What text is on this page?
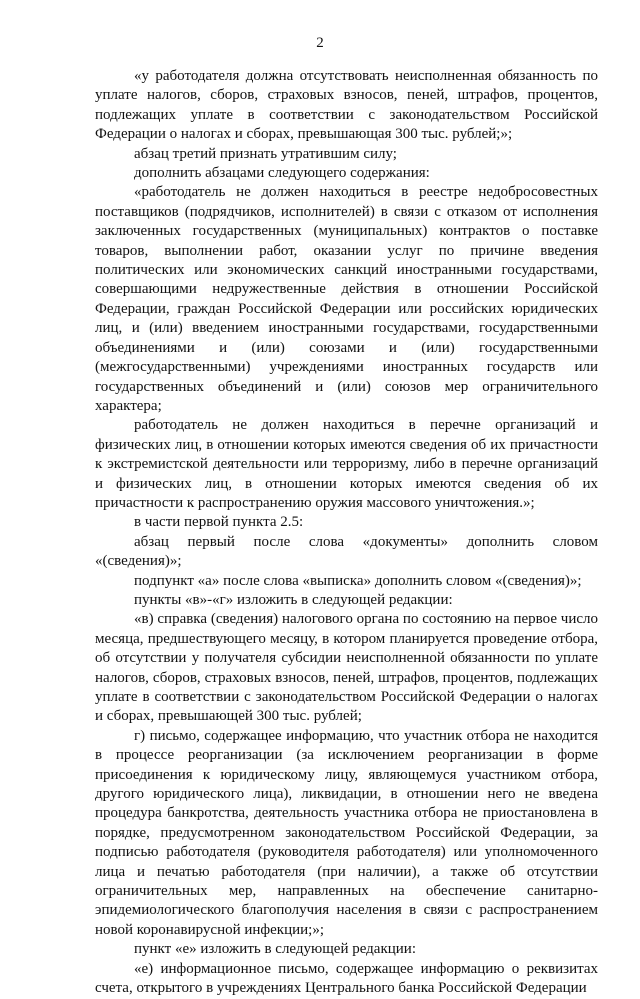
2

«у работодателя должна отсутствовать неисполненная обязанность по уплате налогов, сборов, страховых взносов, пеней, штрафов, процентов, подлежащих уплате в соответствии с законодательством Российской Федерации о налогах и сборах, превышающая 300 тыс. рублей;»;

абзац третий признать утратившим силу;

дополнить абзацами следующего содержания:

«работодатель не должен находиться в реестре недобросовестных поставщиков (подрядчиков, исполнителей) в связи с отказом от исполнения заключенных государственных (муниципальных) контрактов о поставке товаров, выполнении работ, оказании услуг по причине введения политических или экономических санкций иностранными государствами, совершающими недружественные действия в отношении Российской Федерации, граждан Российской Федерации или российских юридических лиц, и (или) введением иностранными государствами, государственными объединениями и (или) союзами и (или) государственными (межгосударственными) учреждениями иностранных государств или государственных объединений и (или) союзов мер ограничительного характера;

работодатель не должен находиться в перечне организаций и физических лиц, в отношении которых имеются сведения об их причастности к экстремистской деятельности или терроризму, либо в перечне организаций и физических лиц, в отношении которых имеются сведения об их причастности к распространению оружия массового уничтожения.»;

в части первой пункта 2.5:

абзац первый после слова «документы» дополнить словом «(сведения)»;

подпункт «а» после слова «выписка» дополнить словом «(сведения)»;

пункты «в»-«г» изложить в следующей редакции:

«в) справка (сведения) налогового органа по состоянию на первое число месяца, предшествующего месяцу, в котором планируется проведение отбора, об отсутствии у получателя субсидии неисполненной обязанности по уплате налогов, сборов, страховых взносов, пеней, штрафов, процентов, подлежащих уплате в соответствии с законодательством Российской Федерации о налогах и сборах, превышающей 300 тыс. рублей;

г) письмо, содержащее информацию, что участник отбора не находится в процессе реорганизации (за исключением реорганизации в форме присоединения к юридическому лицу, являющемуся участником отбора, другого юридического лица), ликвидации, в отношении него не введена процедура банкротства, деятельность участника отбора не приостановлена в порядке, предусмотренном законодательством Российской Федерации, за подписью работодателя (руководителя работодателя) или уполномоченного лица и печатью работодателя (при наличии), а также об отсутствии ограничительных мер, направленных на обеспечение санитарно-эпидемиологического благополучия населения в связи с распространением новой коронавирусной инфекции;»;

пункт «е» изложить в следующей редакции:

«е) информационное письмо, содержащее информацию о реквизитах счета, открытого в учреждениях Центрального банка Российской Федерации
